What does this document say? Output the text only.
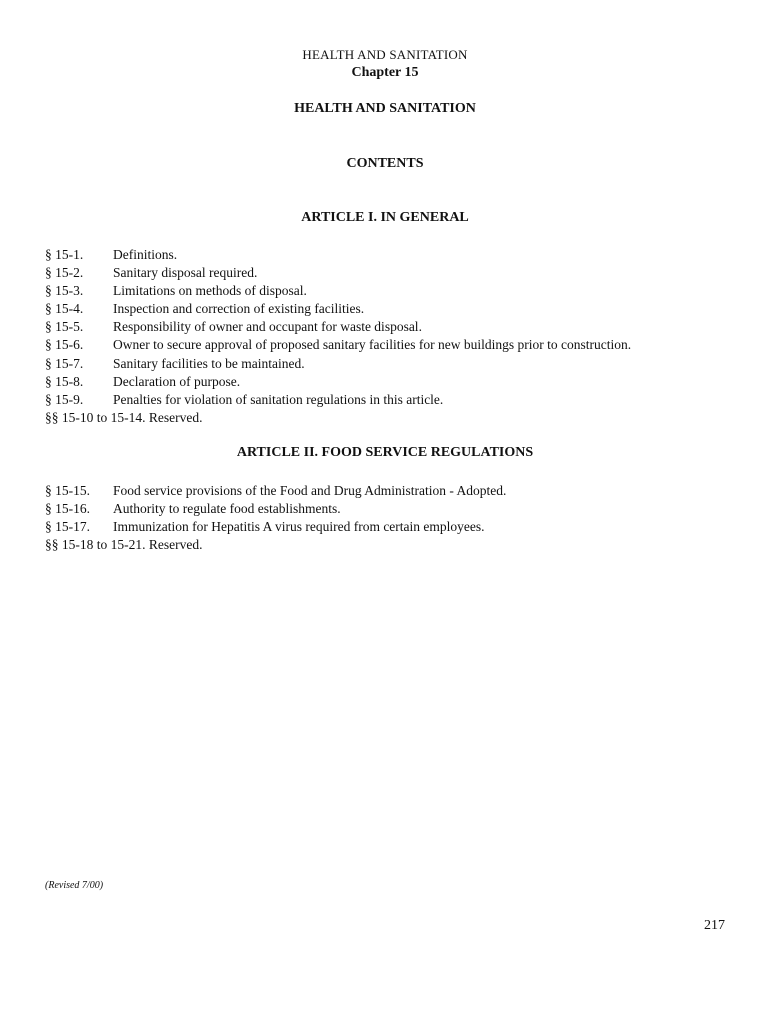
HEALTH AND SANITATION
Chapter 15
HEALTH AND SANITATION
CONTENTS
ARTICLE I. IN GENERAL
§ 15-1. Definitions.
§ 15-2. Sanitary disposal required.
§ 15-3. Limitations on methods of disposal.
§ 15-4. Inspection and correction of existing facilities.
§ 15-5. Responsibility of owner and occupant for waste disposal.
§ 15-6. Owner to secure approval of proposed sanitary facilities for new buildings prior to construction.
§ 15-7. Sanitary facilities to be maintained.
§ 15-8. Declaration of purpose.
§ 15-9. Penalties for violation of sanitation regulations in this article.
§§ 15-10 to 15-14. Reserved.
ARTICLE II. FOOD SERVICE REGULATIONS
§ 15-15. Food service provisions of the Food and Drug Administration - Adopted.
§ 15-16. Authority to regulate food establishments.
§ 15-17. Immunization for Hepatitis A virus required from certain employees.
§§ 15-18 to 15-21. Reserved.

(Revised 7/00)

217
